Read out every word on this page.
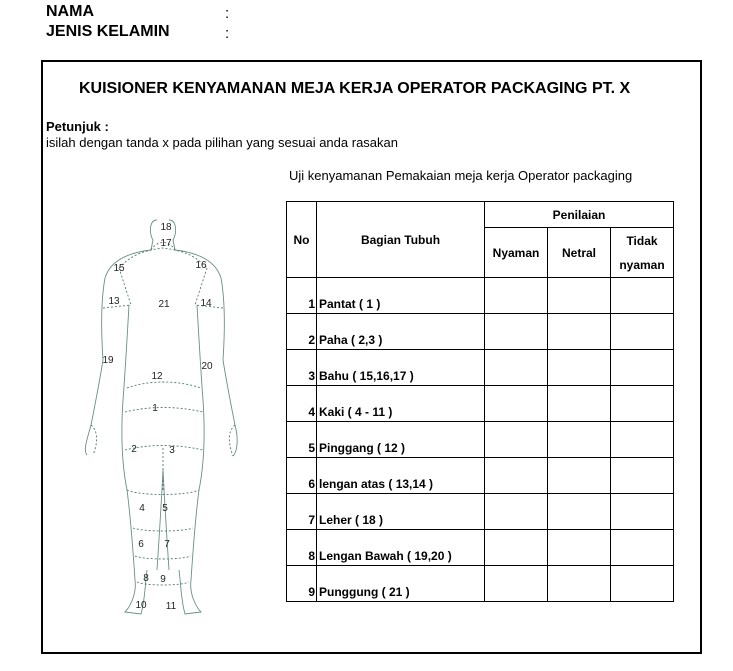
NAMA	:
JENIS KELAMIN	:
KUISIONER KENYAMANAN MEJA KERJA OPERATOR PACKAGING PT. X
Petunjuk :
isilah dengan tanda x pada pilihan yang sesuai anda rasakan
Uji kenyamanan Pemakaian meja kerja Operator packaging
18
17
15	16
13	21	14
19
20
12
1
2	3
4 5
6 7
8 9
10 11
No	Bagian Tubuh	Penilaian		
		Nyaman	Netral	Tidak
nyaman
1	Pantat ( 1 )			
2	Paha ( 2,3 )			
3	Bahu ( 15,16,17 )			
4	Kaki ( 4 - 11 )			
5	Pinggang ( 12 )			
6	lengan atas ( 13,14 )			
7	Leher ( 18 )			
8	Lengan Bawah ( 19,20 )			
9	Punggung ( 21 )			
